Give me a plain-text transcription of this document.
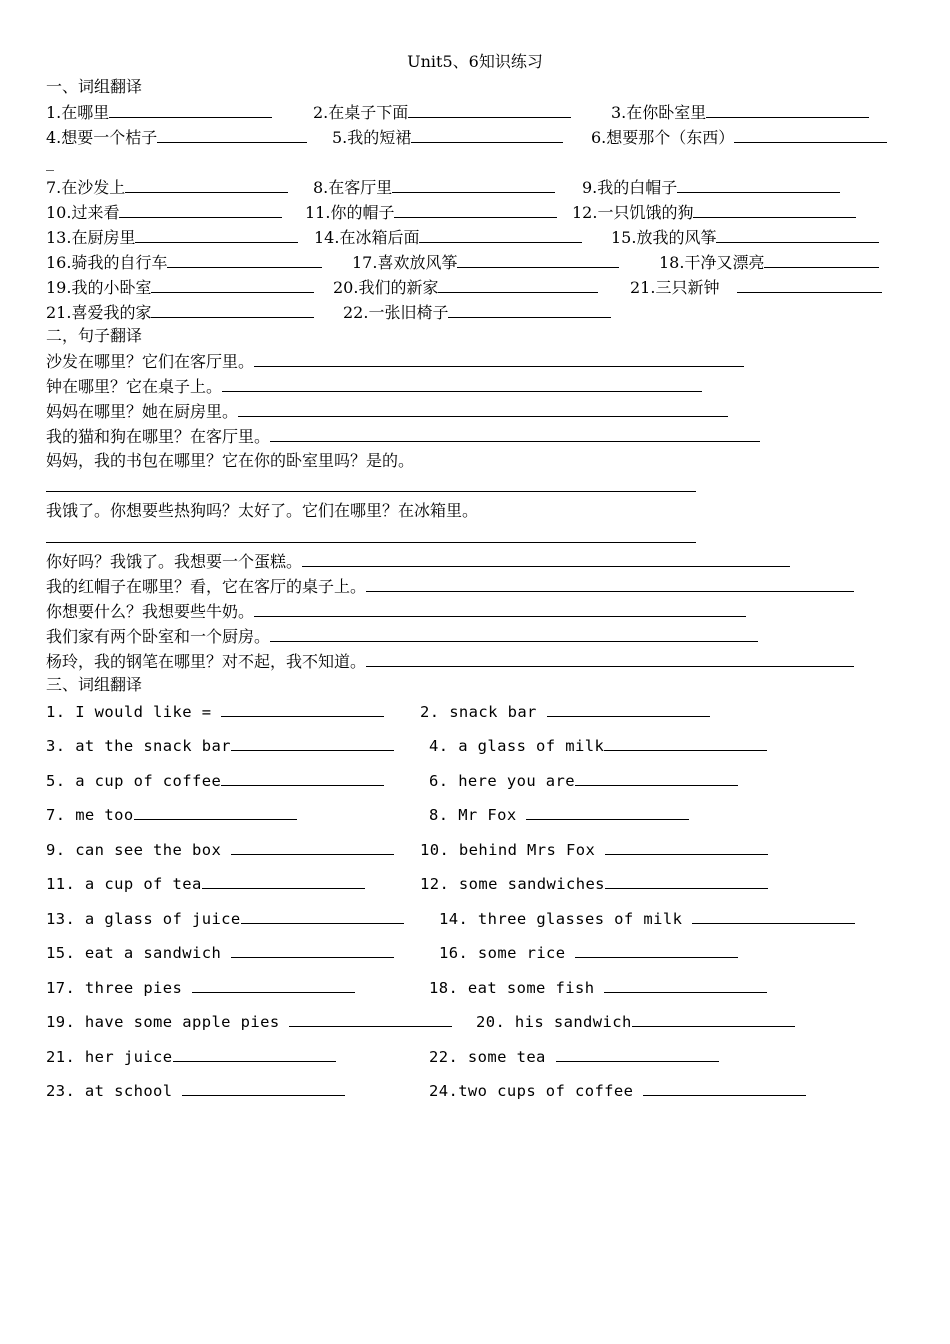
Unit5、6知识练习
一、词组翻译
1.在哪里	2.在桌子下面	3.在你卧室里
4.想要一个桔子	5.我的短裙	6.想要那个（东西）
_
7.在沙发上	8.在客厅里	9.我的白帽子
10.过来看	11.你的帽子	12.一只饥饿的狗
13.在厨房里	14.在冰箱后面	15.放我的风筝
16.骑我的自行车	17.喜欢放风筝	18.干净又漂亮
19.我的小卧室	20.我们的新家	21.三只新钟
21.喜爱我的家	22.一张旧椅子
二，句子翻译
沙发在哪里？它们在客厅里。
钟在哪里？它在桌子上。
妈妈在哪里？她在厨房里。
我的猫和狗在哪里？在客厅里。
妈妈，我的书包在哪里？它在你的卧室里吗？是的。
我饿了。你想要些热狗吗？太好了。它们在哪里？在冰箱里。
你好吗？我饿了。我想要一个蛋糕。
我的红帽子在哪里？看，它在客厅的桌子上。
你想要什么？我想要些牛奶。
我们家有两个卧室和一个厨房。
杨玲，我的钢笔在哪里？对不起，我不知道。
三、词组翻译
1. I would like =	2. snack bar
3. at the snack bar	4. a glass of milk
5. a cup of coffee	6. here you are
7. me too	8. Mr Fox
9. can see the box	10. behind Mrs Fox
11. a cup of tea	12. some sandwiches
13. a glass of juice	14. three glasses of milk
15. eat a sandwich	16. some rice
17. three pies	18. eat some fish
19. have some apple pies	20. his sandwich
21. her juice	22. some tea
23. at school	24.two cups of coffee
